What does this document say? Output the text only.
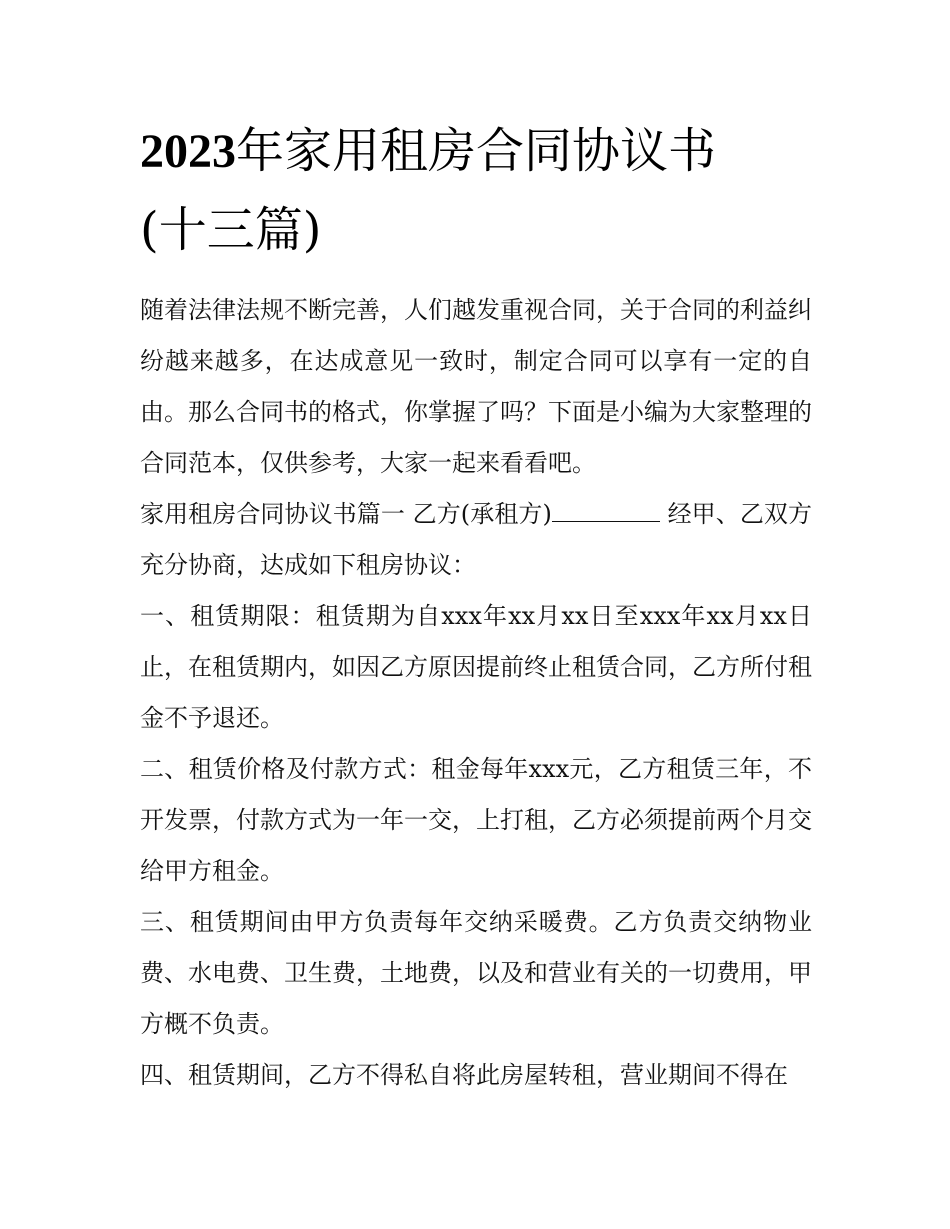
2023年家用租房合同协议书
(十三篇)

随着法律法规不断完善，人们越发重视合同，关于合同的利益纠纷越来越多，在达成意见一致时，制定合同可以享有一定的自由。那么合同书的格式，你掌握了吗？下面是小编为大家整理的合同范本，仅供参考，大家一起来看看吧。

家用租房合同协议书篇一 乙方(承租方)	经甲、乙双方充分协商，达成如下租房协议：

一、租赁期限：租赁期为自xxx年xx月xx日至xxx年xx月xx日止，在租赁期内，如因乙方原因提前终止租赁合同，乙方所付租金不予退还。

二、租赁价格及付款方式：租金每年xxx元，乙方租赁三年，不开发票，付款方式为一年一交，上打租，乙方必须提前两个月交给甲方租金。

三、租赁期间由甲方负责每年交纳采暖费。乙方负责交纳物业费、水电费、卫生费，土地费，以及和营业有关的一切费用，甲方概不负责。

四、租赁期间，乙方不得私自将此房屋转租，营业期间不得在
